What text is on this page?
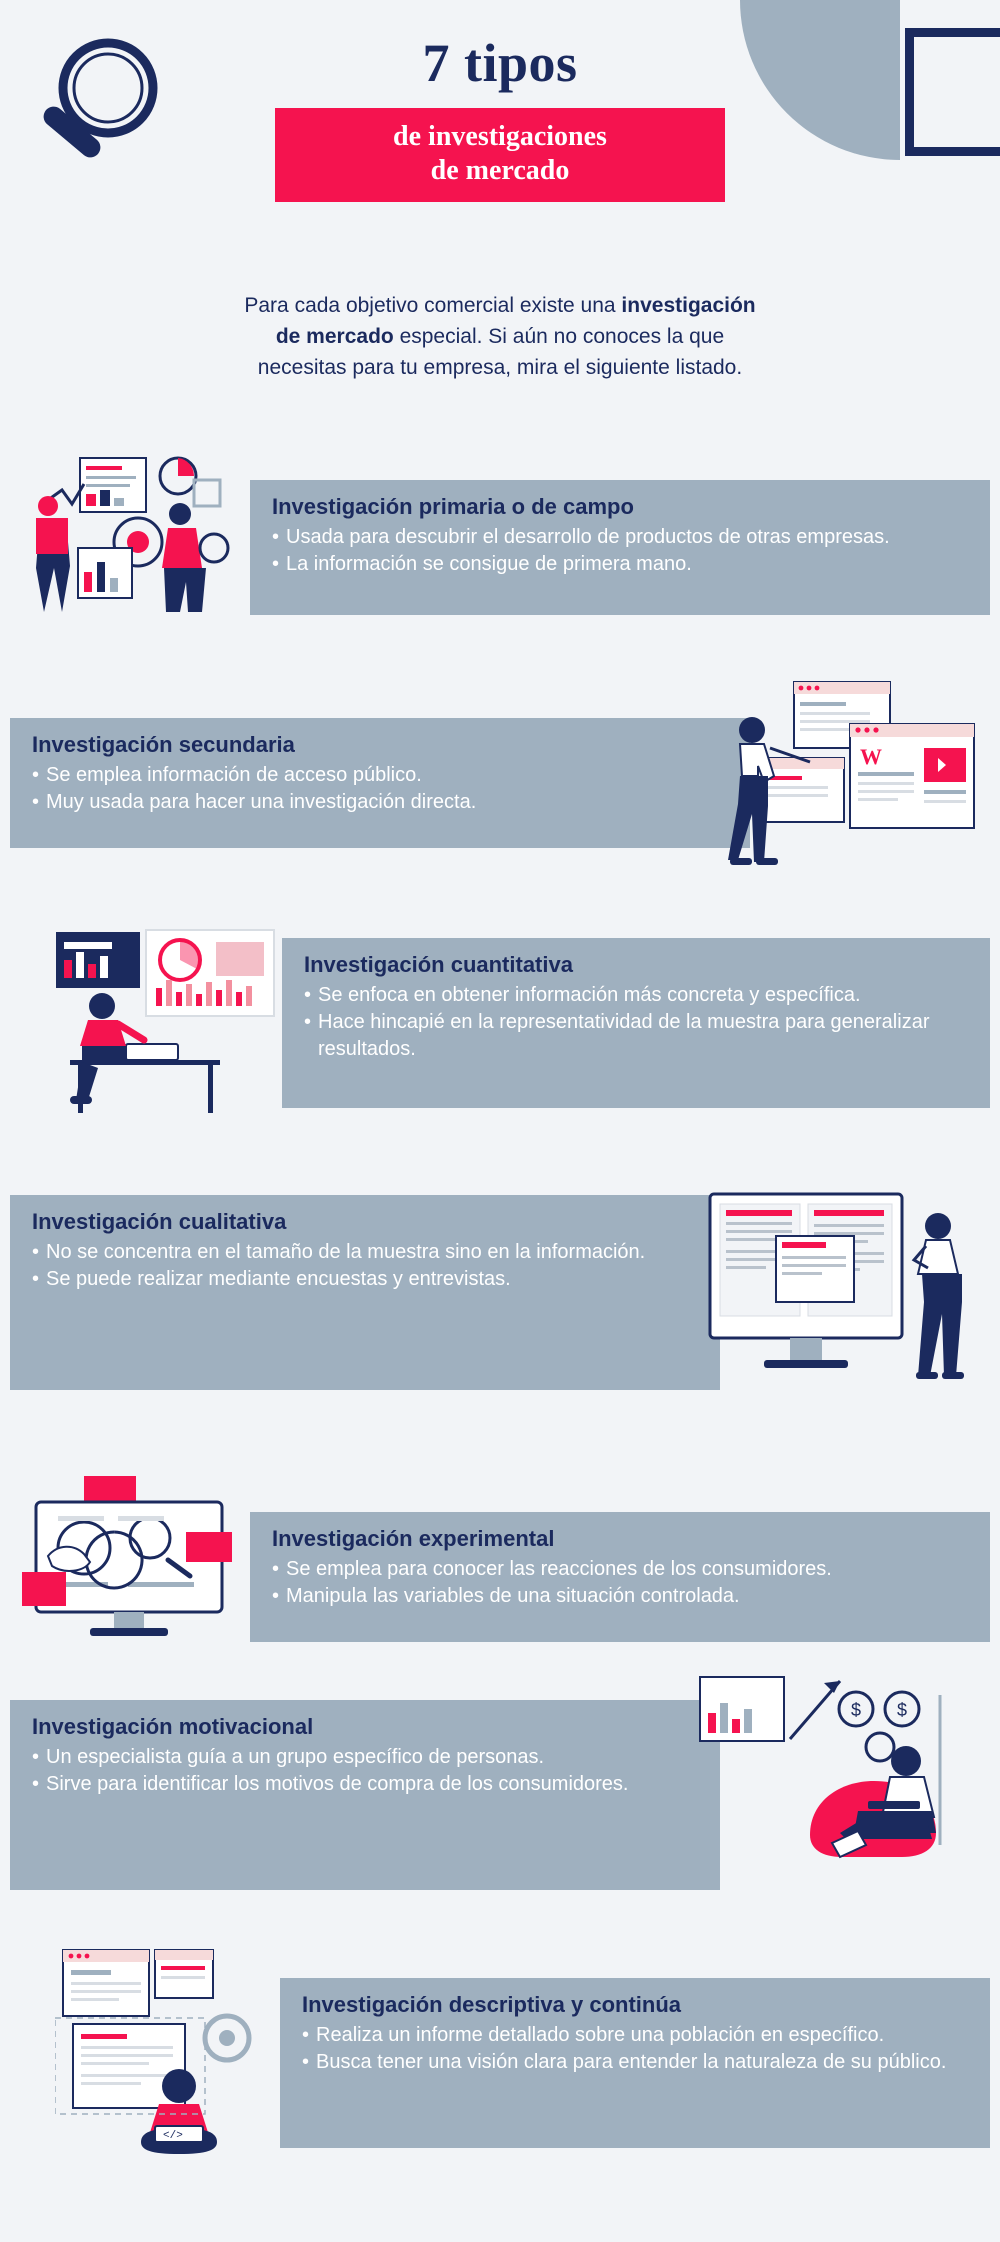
7 tipos
de investigaciones
de mercado
Para cada objetivo comercial existe una investigación
de mercado especial. Si aún no conoces la que
necesitas para tu empresa, mira el siguiente listado.
Investigación primaria o de campo
• Usada para descubrir el desarrollo de productos de otras empresas.
• La información se consigue de primera mano.
Investigación secundaria
• Se emplea información de acceso público.
• Muy usada para hacer una investigación directa.
W
Investigación cuantitativa
• Se enfoca en obtener información más concreta y específica.
• Hace hincapié en la representatividad de la muestra para generalizar resultados.
Investigación cualitativa
• No se concentra en el tamaño de la muestra sino en la información.
• Se puede realizar mediante encuestas y entrevistas.
Investigación experimental
• Se emplea para conocer las reacciones de los consumidores.
• Manipula las variables de una situación controlada.
Investigación motivacional
• Un especialista guía a un grupo específico de personas.
• Sirve para identificar los motivos de compra de los consumidores.
$ $
</>
Investigación descriptiva y continúa
• Realiza un informe detallado sobre una población en específico.
• Busca tener una visión clara para entender la naturaleza de su público.
